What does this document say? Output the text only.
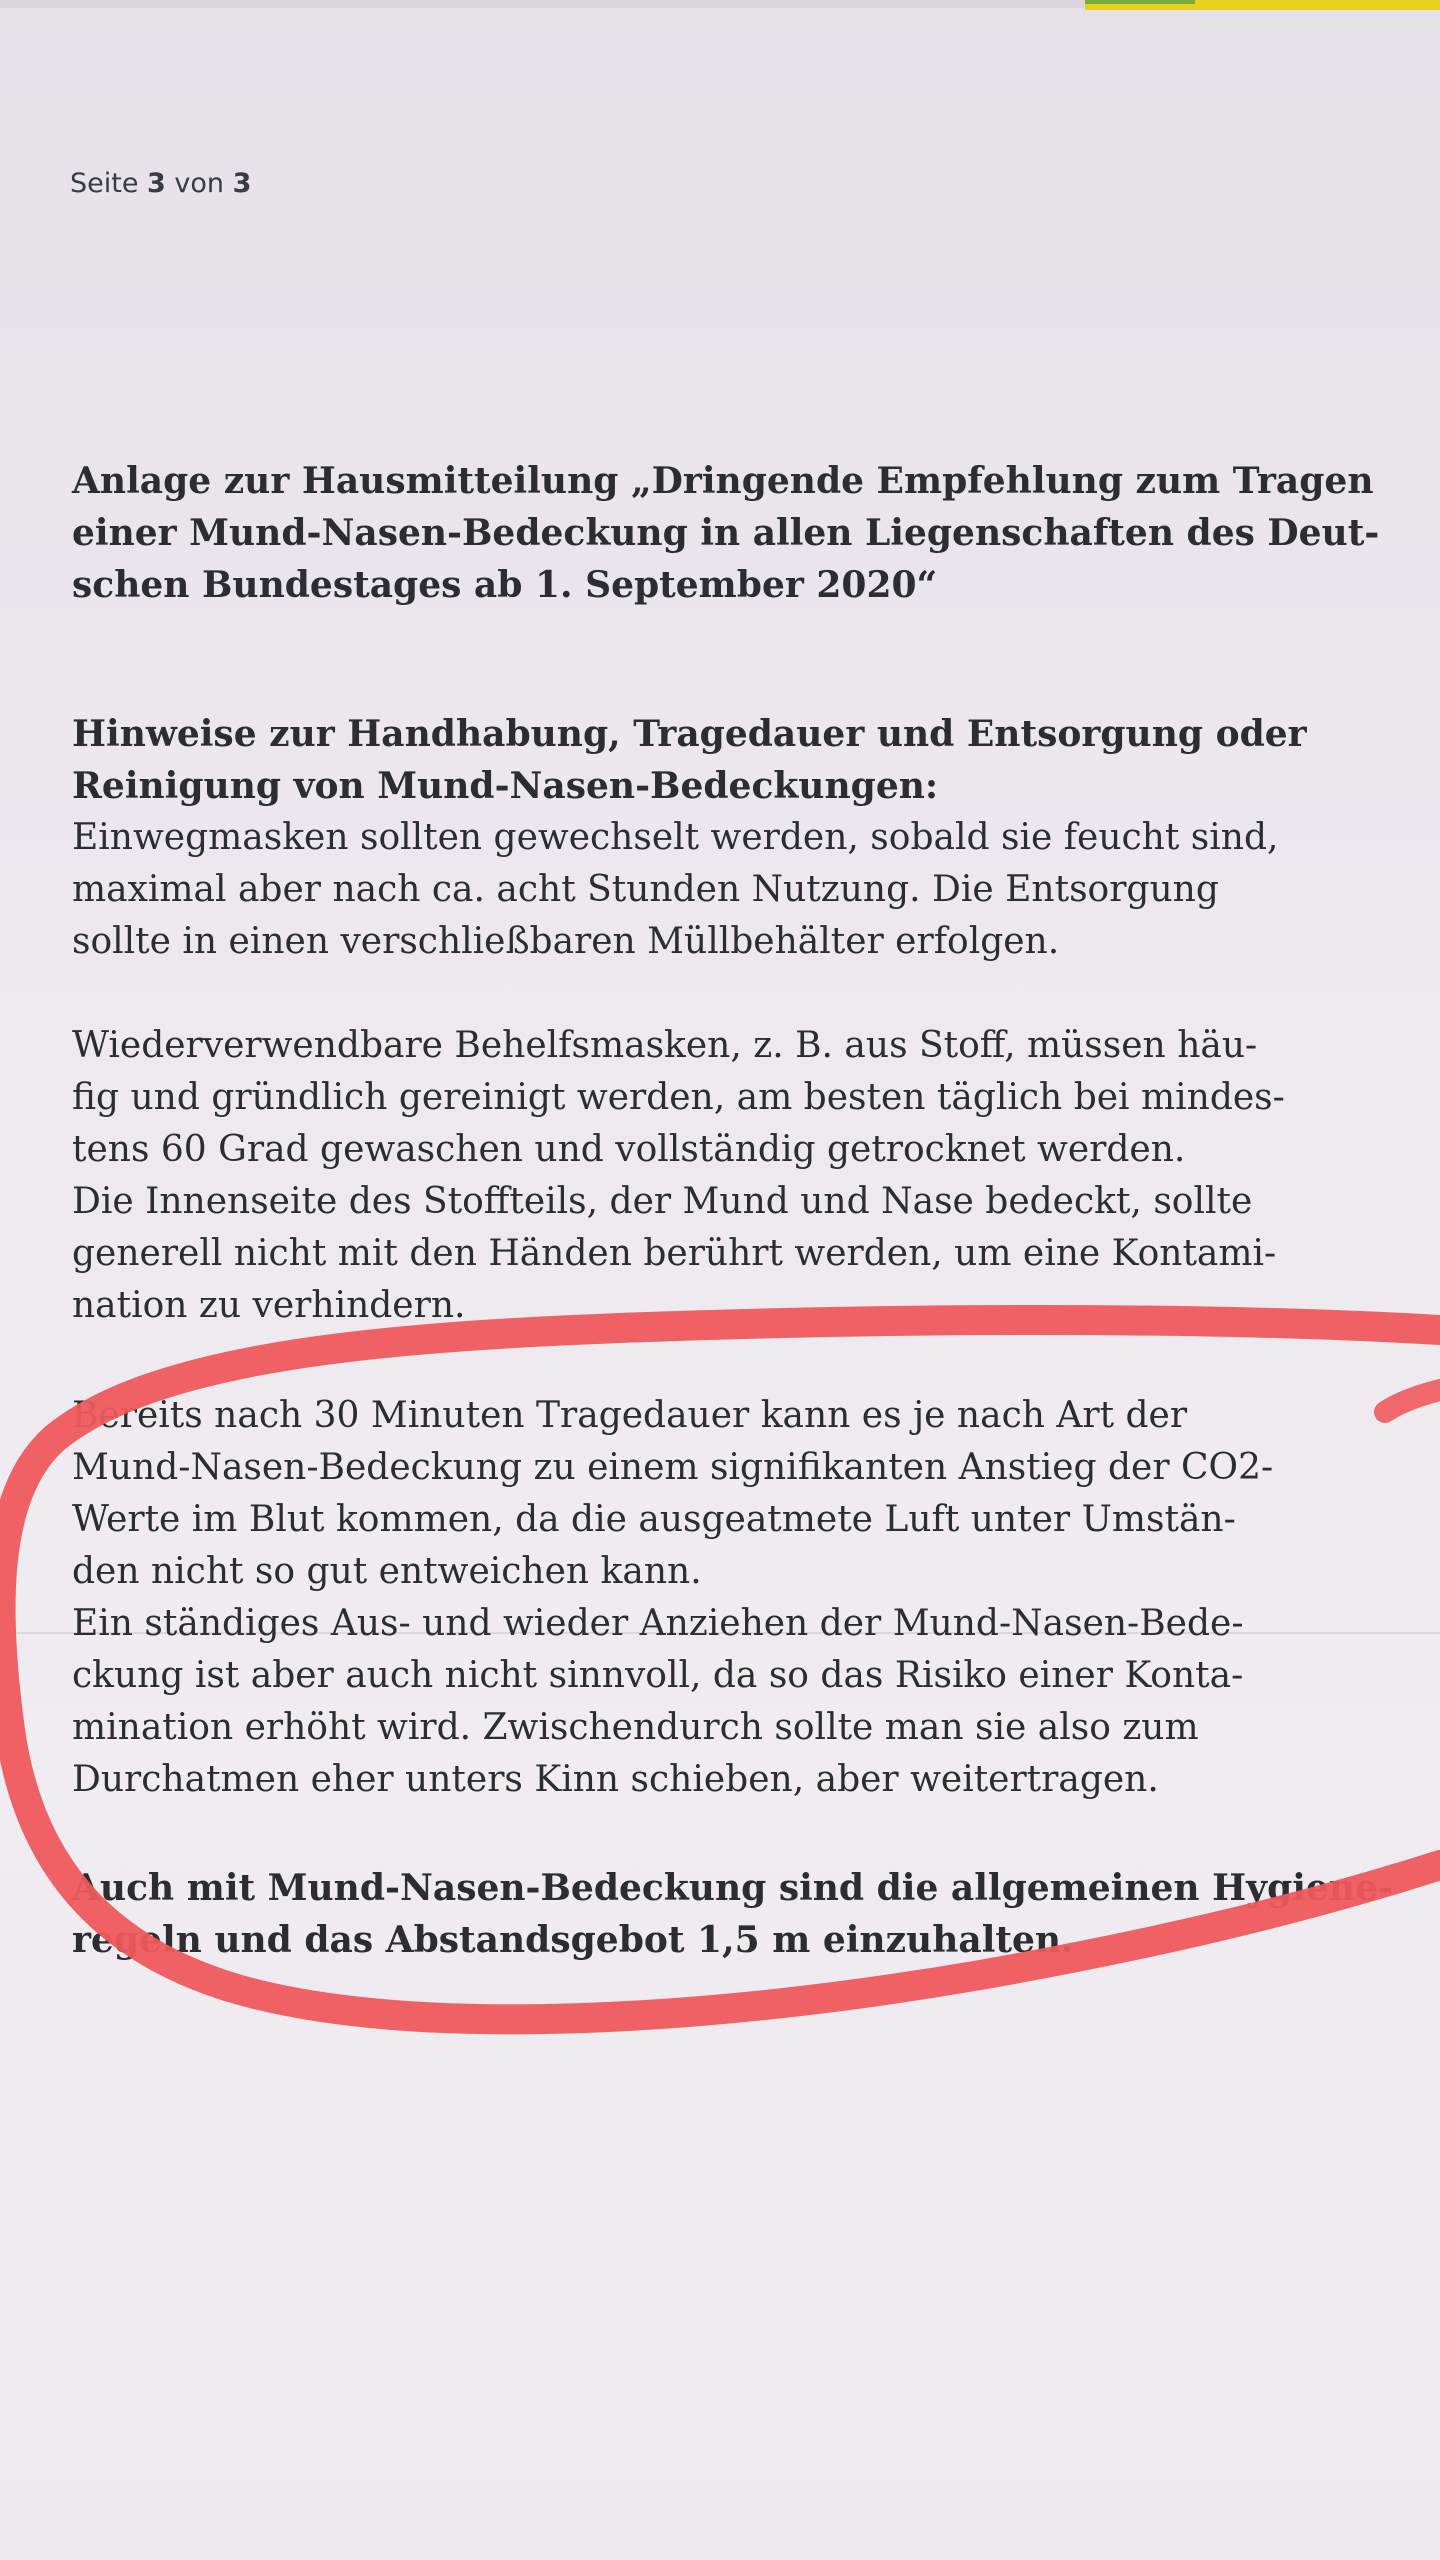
Seite 3 von 3
Anlage zur Hausmitteilung „Dringende Empfehlung zum Tragen
einer Mund-Nasen-Bedeckung in allen Liegenschaften des Deut-
schen Bundestages ab 1. September 2020“
Hinweise zur Handhabung, Tragedauer und Entsorgung oder
Reinigung von Mund-Nasen-Bedeckungen:
Einwegmasken sollten gewechselt werden, sobald sie feucht sind,
maximal aber nach ca. acht Stunden Nutzung. Die Entsorgung
sollte in einen verschließbaren Müllbehälter erfolgen.
Wiederverwendbare Behelfsmasken, z. B. aus Stoff, müssen häu-
fig und gründlich gereinigt werden, am besten täglich bei mindes-
tens 60 Grad gewaschen und vollständig getrocknet werden.
Die Innenseite des Stoffteils, der Mund und Nase bedeckt, sollte
generell nicht mit den Händen berührt werden, um eine Kontami-
nation zu verhindern.
Bereits nach 30 Minuten Tragedauer kann es je nach Art der
Mund-Nasen-Bedeckung zu einem signifikanten Anstieg der CO2-
Werte im Blut kommen, da die ausgeatmete Luft unter Umstän-
den nicht so gut entweichen kann.
Ein ständiges Aus- und wieder Anziehen der Mund-Nasen-Bede-
ckung ist aber auch nicht sinnvoll, da so das Risiko einer Konta-
mination erhöht wird. Zwischendurch sollte man sie also zum
Durchatmen eher unters Kinn schieben, aber weitertragen.
Auch mit Mund-Nasen-Bedeckung sind die allgemeinen Hygiene-
regeln und das Abstandsgebot 1,5 m einzuhalten.
